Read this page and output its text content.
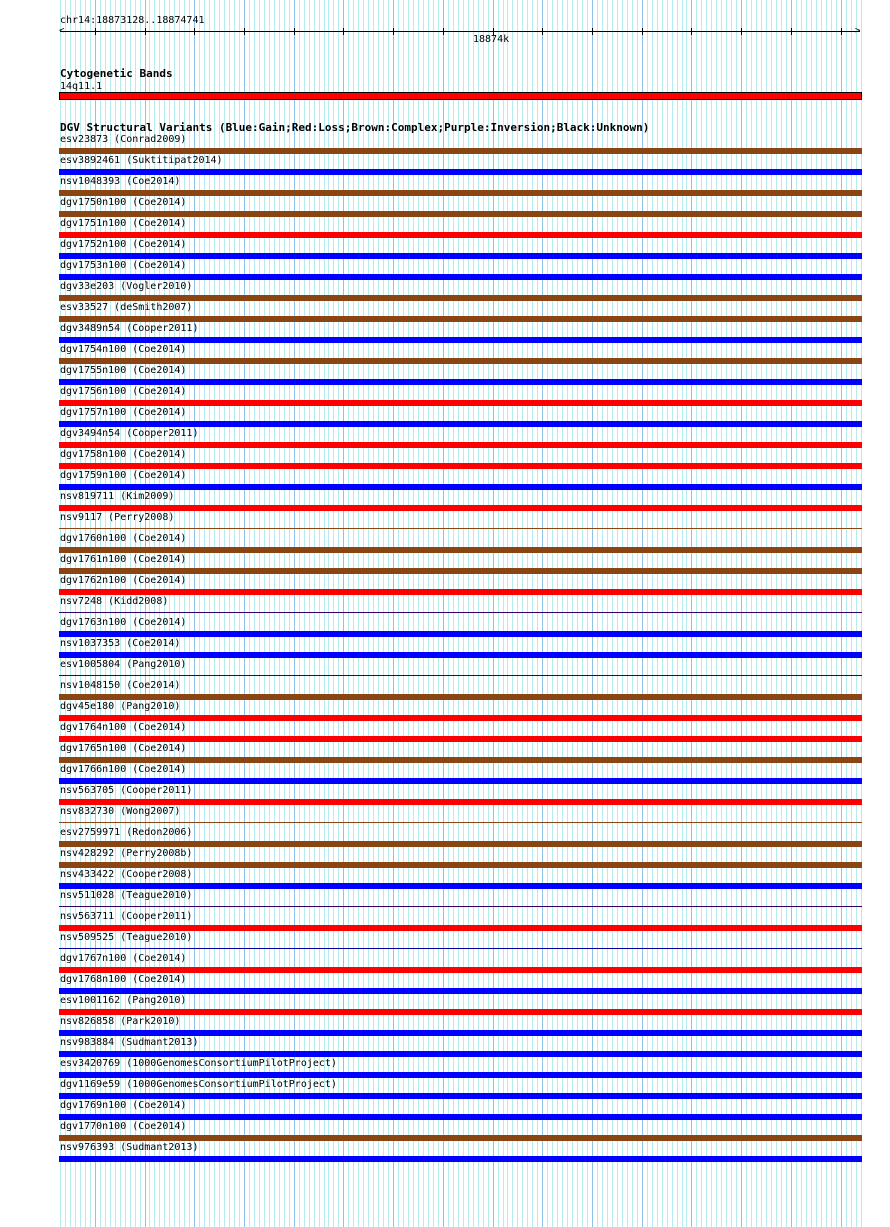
chr14:18873128..18874741
<	>
18874k
Cytogenetic Bands
14q11.1
DGV Structural Variants (Blue:Gain;Red:Loss;Brown:Complex;Purple:Inversion;Black:Unknown)
esv23873 (Conrad2009)
esv3892461 (Suktitipat2014)
nsv1048393 (Coe2014)
dgv1750n100 (Coe2014)
dgv1751n100 (Coe2014)
dgv1752n100 (Coe2014)
dgv1753n100 (Coe2014)
dgv33e203 (Vogler2010)
esv33527 (deSmith2007)
dgv3489n54 (Cooper2011)
dgv1754n100 (Coe2014)
dgv1755n100 (Coe2014)
dgv1756n100 (Coe2014)
dgv1757n100 (Coe2014)
dgv3494n54 (Cooper2011)
dgv1758n100 (Coe2014)
dgv1759n100 (Coe2014)
nsv819711 (Kim2009)
nsv9117 (Perry2008)
dgv1760n100 (Coe2014)
dgv1761n100 (Coe2014)
dgv1762n100 (Coe2014)
nsv7248 (Kidd2008)
dgv1763n100 (Coe2014)
nsv1037353 (Coe2014)
esv1005804 (Pang2010)
nsv1048150 (Coe2014)
dgv45e180 (Pang2010)
dgv1764n100 (Coe2014)
dgv1765n100 (Coe2014)
dgv1766n100 (Coe2014)
nsv563705 (Cooper2011)
nsv832730 (Wong2007)
esv2759971 (Redon2006)
nsv428292 (Perry2008b)
nsv433422 (Cooper2008)
nsv511028 (Teague2010)
nsv563711 (Cooper2011)
nsv509525 (Teague2010)
dgv1767n100 (Coe2014)
dgv1768n100 (Coe2014)
esv1001162 (Pang2010)
nsv826858 (Park2010)
nsv983884 (Sudmant2013)
esv3420769 (1000GenomesConsortiumPilotProject)
dgv1169e59 (1000GenomesConsortiumPilotProject)
dgv1769n100 (Coe2014)
dgv1770n100 (Coe2014)
nsv976393 (Sudmant2013)
